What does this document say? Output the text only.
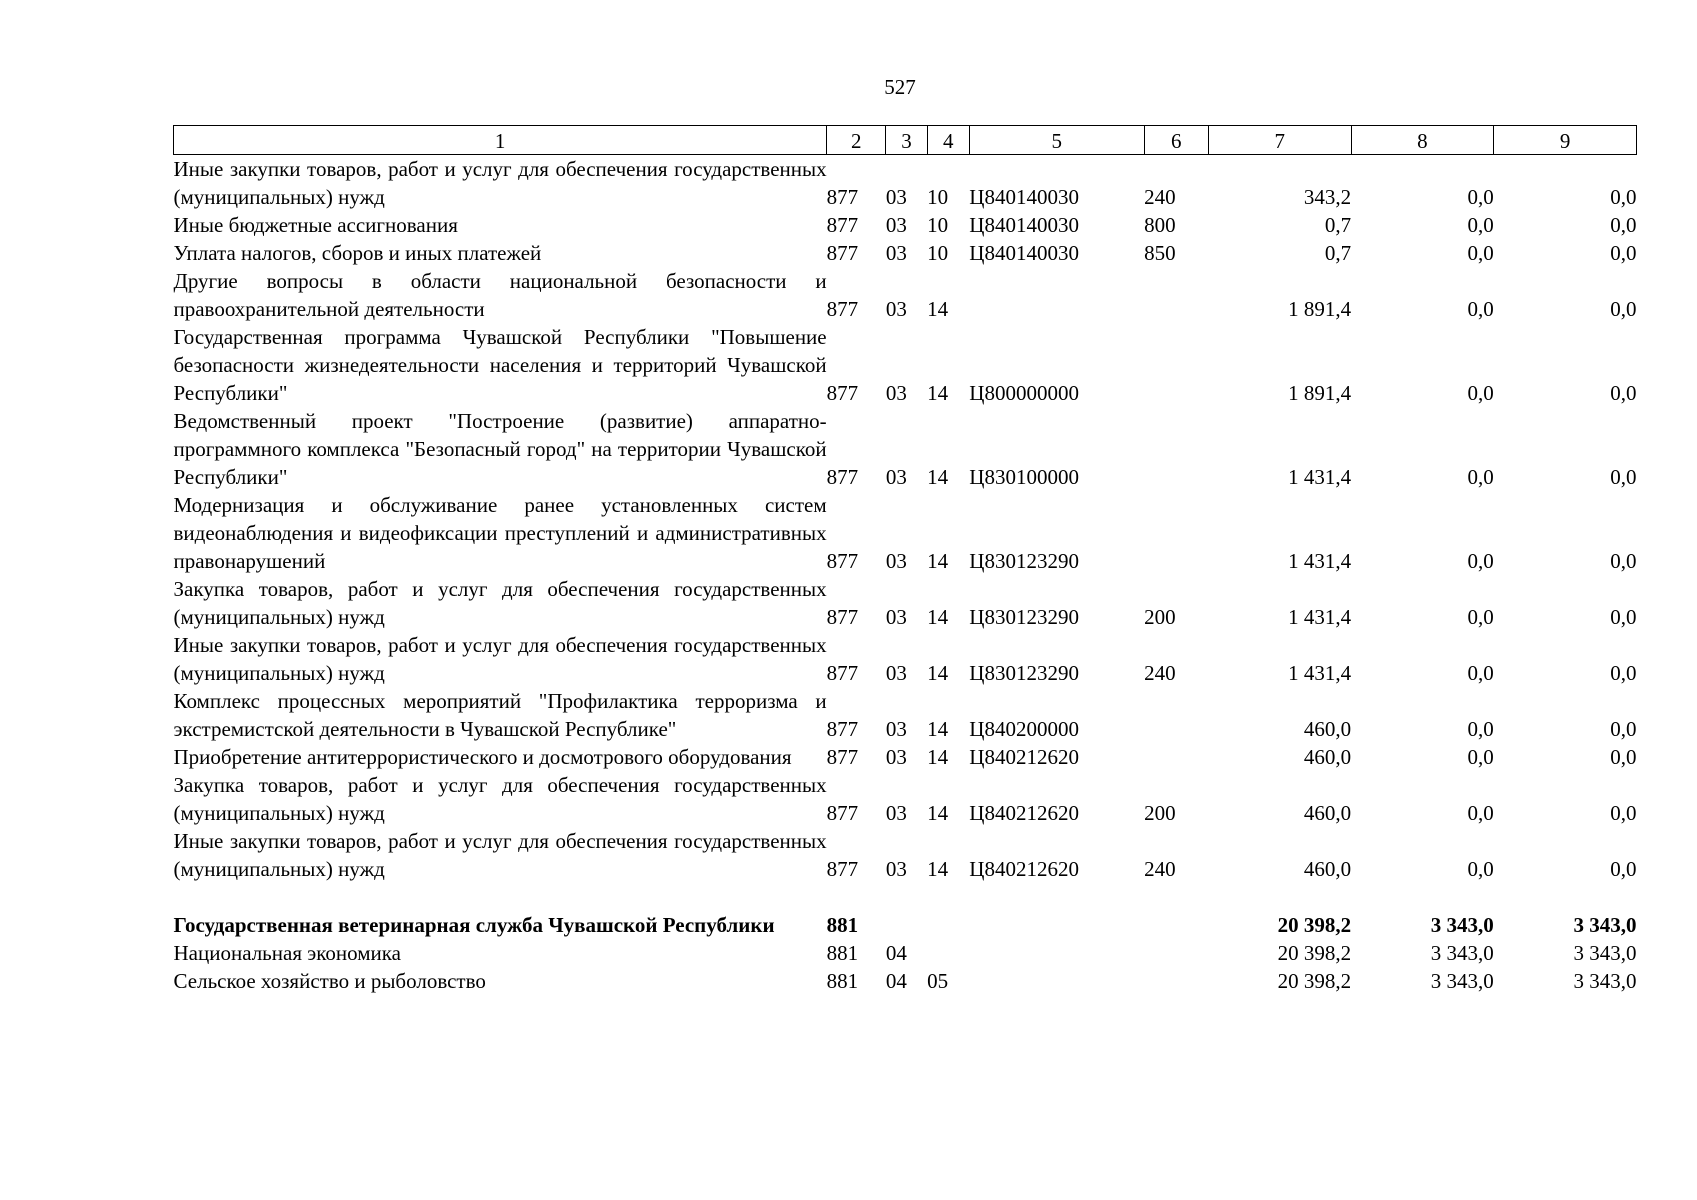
527
1	2	3	4	5	6	7	8	9
Иные закупки товаров, работ и услуг для обеспечения государственных (муниципальных) нужд	877	03	10	Ц840140030	240	343,2	0,0	0,0
Иные бюджетные ассигнования	877	03	10	Ц840140030	800	0,7	0,0	0,0
Уплата налогов, сборов и иных платежей	877	03	10	Ц840140030	850	0,7	0,0	0,0
Другие вопросы в области национальной безопасности и правоохранительной деятельности	877	03	14			1 891,4	0,0	0,0
Государственная программа Чувашской Республики "Повышение безопасности жизнедеятельности населения и территорий Чувашской Республики"	877	03	14	Ц800000000		1 891,4	0,0	0,0
Ведомственный проект "Построение (развитие) аппаратно-программного комплекса "Безопасный город" на территории Чувашской Республики"	877	03	14	Ц830100000		1 431,4	0,0	0,0
Модернизация и обслуживание ранее установленных систем видеонаблюдения и видеофиксации преступлений и административных правонарушений	877	03	14	Ц830123290		1 431,4	0,0	0,0
Закупка товаров, работ и услуг для обеспечения государственных (муниципальных) нужд	877	03	14	Ц830123290	200	1 431,4	0,0	0,0
Иные закупки товаров, работ и услуг для обеспечения государственных (муниципальных) нужд	877	03	14	Ц830123290	240	1 431,4	0,0	0,0
Комплекс процессных мероприятий "Профилактика терроризма и экстремистской деятельности в Чувашской Республике"	877	03	14	Ц840200000		460,0	0,0	0,0
Приобретение антитеррористического и досмотрового оборудования	877	03	14	Ц840212620		460,0	0,0	0,0
Закупка товаров, работ и услуг для обеспечения государственных (муниципальных) нужд	877	03	14	Ц840212620	200	460,0	0,0	0,0
Иные закупки товаров, работ и услуг для обеспечения государственных (муниципальных) нужд	877	03	14	Ц840212620	240	460,0	0,0	0,0

Государственная ветеринарная служба Чувашской Республики	881					20 398,2	3 343,0	3 343,0
Национальная экономика	881	04				20 398,2	3 343,0	3 343,0
Сельское хозяйство и рыболовство	881	04	05			20 398,2	3 343,0	3 343,0
